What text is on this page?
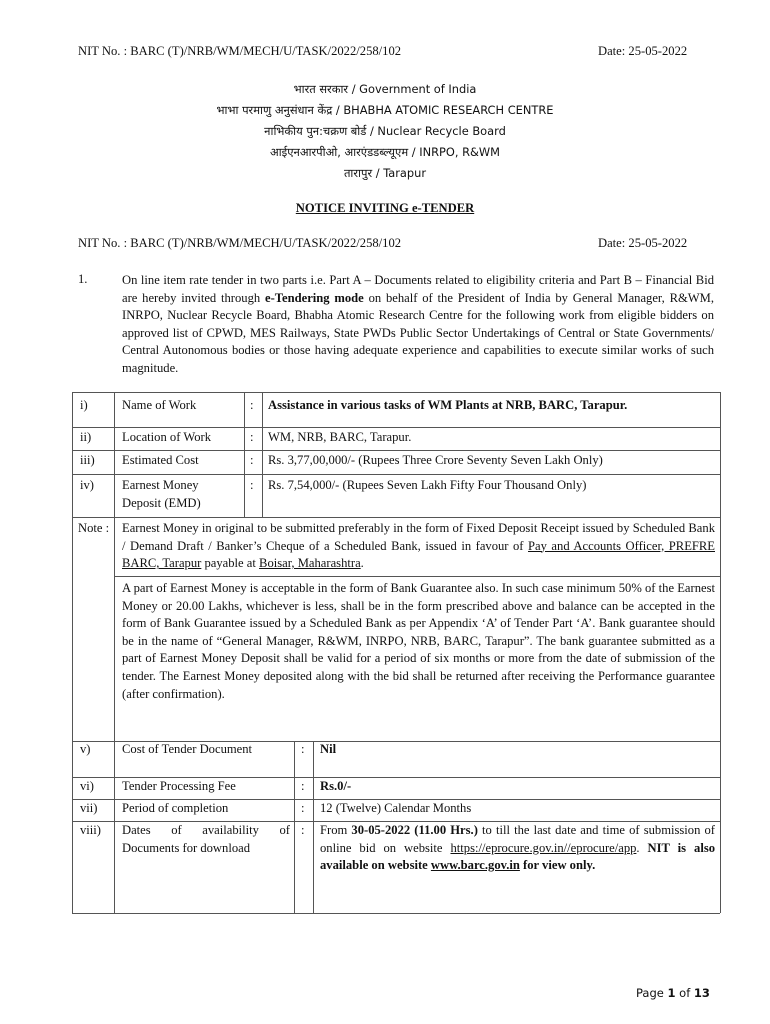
NIT No. : BARC (T)/NRB/WM/MECH/U/TASK/2022/258/102	Date: 25-05-2022
भारत सरकार / Government of India
भाभा परमाणु अनुसंधान केंद्र / BHABHA ATOMIC RESEARCH CENTRE
नाभिकीय पुन:चक्रण बोर्ड / Nuclear Recycle Board
आईएनआरपीओ, आरएंडडब्ल्यूएम / INRPO, R&WM
तारापुर / Tarapur
NOTICE INVITING e-TENDER
NIT No. : BARC (T)/NRB/WM/MECH/U/TASK/2022/258/102	Date: 25-05-2022
1.	On line item rate tender in two parts i.e. Part A – Documents related to eligibility criteria and Part B – Financial Bid are hereby invited through e-Tendering mode on behalf of the President of India by General Manager, R&WM, INRPO, Nuclear Recycle Board, Bhabha Atomic Research Centre for the following work from eligible bidders on approved list of CPWD, MES Railways, State PWDs Public Sector Undertakings of Central or State Governments/ Central Autonomous bodies or those having adequate experience and capabilities to execute similar works of such magnitude.
i)	Name of Work	: Assistance in various tasks of WM Plants at NRB, BARC, Tarapur.
ii) Location of Work	: WM, NRB, BARC, Tarapur.
iii) Estimated Cost	: Rs. 3,77,00,000/- (Rupees Three Crore Seventy Seven Lakh Only)
iv) Earnest Money Deposit (EMD)
: Rs. 7,54,000/- (Rupees Seven Lakh Fifty Four Thousand Only)
Note : Earnest Money in original to be submitted preferably in the form of Fixed Deposit Receipt issued by Scheduled Bank / Demand Draft / Banker’s Cheque of a Scheduled Bank, issued in favour of Pay and Accounts Officer, PREFRE BARC, Tarapur payable at Boisar, Maharashtra.
A part of Earnest Money is acceptable in the form of Bank Guarantee also. In such case minimum 50% of the Earnest Money or 20.00 Lakhs, whichever is less, shall be in the form prescribed above and balance can be accepted in the form of Bank Guarantee issued by a Scheduled Bank as per Appendix ‘A’ of Tender Part ‘A’. Bank guarantee should be in the name of “General Manager, R&WM, INRPO, NRB, BARC, Tarapur”. The bank guarantee submitted as a part of Earnest Money Deposit shall be valid for a period of six months or more from the date of submission of the tender. The Earnest Money deposited along with the bid shall be returned after receiving the Performance guarantee (after confirmation).
v)	Cost of Tender Document	: Nil
vi) Tender Processing Fee	: Rs.0/-
vii) Period of completion	: 12 (Twelve) Calendar Months
viii) Dates of availability of Documents for download
: From 30-05-2022 (11.00 Hrs.) to till the last date and time of submission of online bid on website https://eprocure.gov.in//eprocure/app. NIT is also available on website www.barc.gov.in for view only.
Page 1 of 13
